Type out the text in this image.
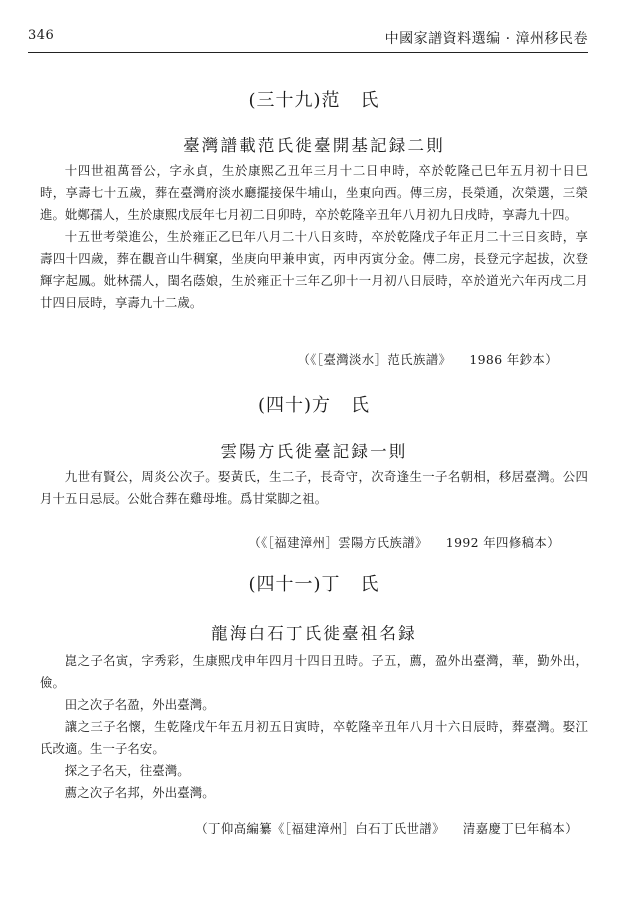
346	中國家譜資料選编 · 漳州移民卷
(三十九)范 氏
臺灣譜載范氏徙臺開基記録二則

十四世祖萬晉公，字永貞，生於康熙乙丑年三月十二日申時，卒於乾隆己巳年五月初十日巳時，享壽七十五歲，葬在臺灣府淡水廳擺接保牛埔山，坐東向西。傳三房，長榮通，次榮選，三榮進。妣鄭孺人，生於康熙戊辰年七月初二日卯時，卒於乾隆辛丑年八月初九日戌時，享壽九十四。

十五世考榮進公，生於雍正乙巳年八月二十八日亥時，卒於乾隆戊子年正月二十三日亥時，享壽四十四歲，葬在觀音山牛稠窠，坐庚向甲兼申寅，丙申丙寅分金。傳二房，長登元字起拔，次登輝字起鳳。妣林孺人，閨名蔭娘，生於雍正十三年乙卯十一月初八日辰時，卒於道光六年丙戌二月廿四日辰時，享壽九十二歲。

（《［臺灣淡水］范氏族譜》 1986 年鈔本）
(四十)方 氏
雲陽方氏徙臺記録一則

九世有賢公，周炎公次子。娶黃氏，生二子，長奇守，次奇逢生一子名朝相，移居臺灣。公四月十五日忌辰。公妣合葬在雞母堆。爲甘棠脚之祖。

（《［福建漳州］雲陽方氏族譜》 1992 年四修稿本）
(四十一)丁 氏
龍海白石丁氏徙臺祖名録

崑之子名寅，字秀彩，生康熙戊申年四月十四日丑時。子五，薦，盈外出臺灣，華，勤外出，儉。

田之次子名盈，外出臺灣。

讓之三子名懷，生乾隆戊午年五月初五日寅時，卒乾隆辛丑年八月十六日辰時，葬臺灣。娶江氏改適。生一子名安。

探之子名天，往臺灣。

薦之次子名邦，外出臺灣。

（丁仰高編纂《［福建漳州］白石丁氏世譜》 清嘉慶丁巳年稿本）
